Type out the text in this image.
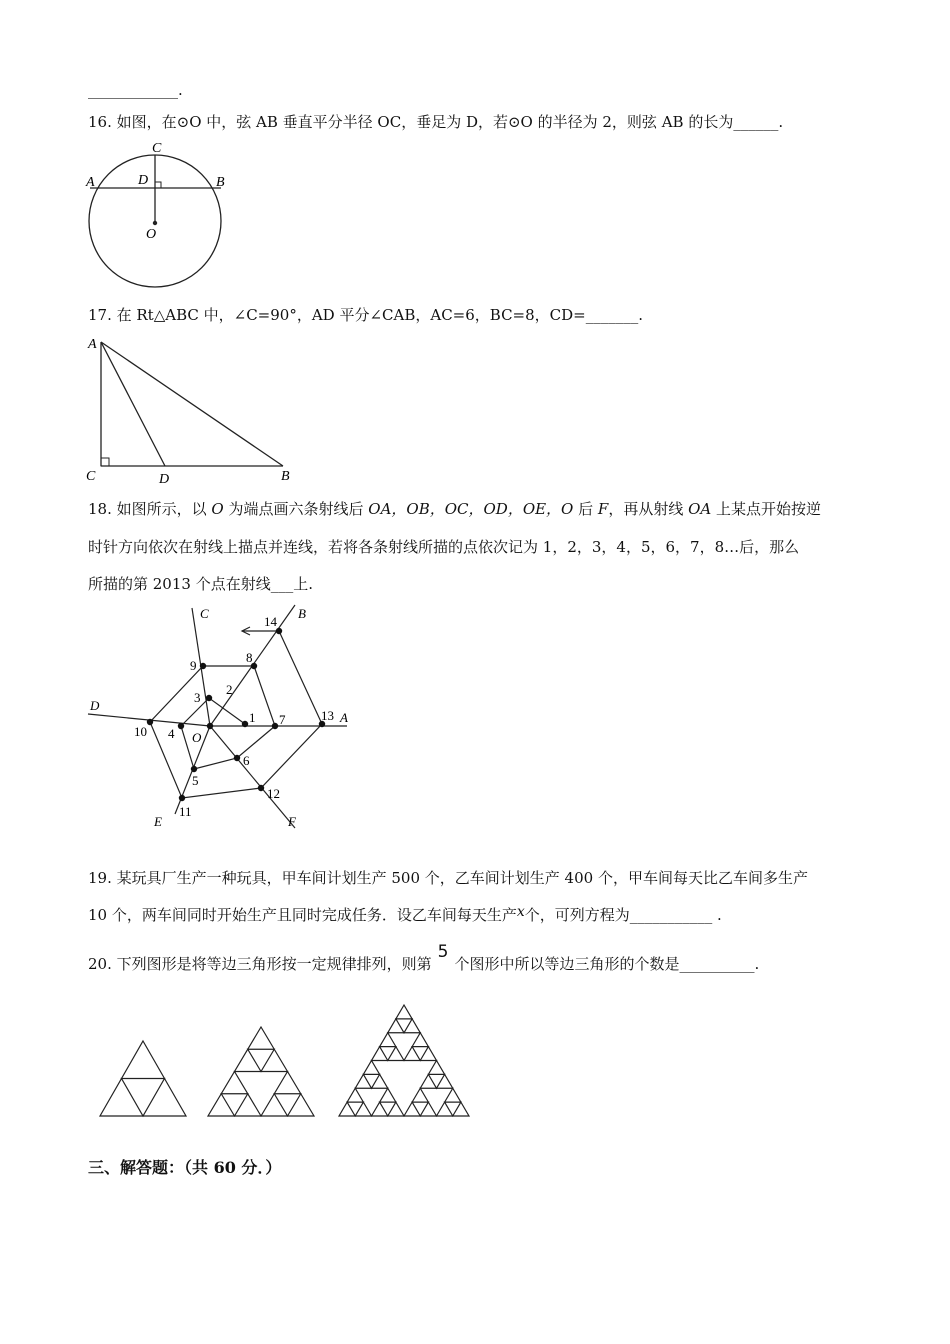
____________.
16. 如图，在⊙O 中，弦 AB 垂直平分半径 OC，垂足为 D，若⊙O 的半径为 2，则弦 AB 的长为______.
C
D
A	B
O
17. 在 Rt△ABC 中，∠C=90°，AD 平分∠CAB，AC=6，BC=8，CD=_______.
A
C	D	B
18. 如图所示，以 O 为端点画六条射线后 OA，OB，OC，OD，OE，O 后 F，再从射线 OA 上某点开始按逆
时针方向依次在射线上描点并连线，若将各条射线所描的点依次记为 1，2，3，4，5，6，7，8…后，那么
所描的第 2013 个点在射线___上.
C	B
D
A
E	F
O
1
2
3
4
5
6
7
8
9
10
11
12
13
14
19. 某玩具厂生产一种玩具，甲车间计划生产 500 个，乙车间计划生产 400 个，甲车间每天比乙车间多生产
10 个，两车间同时开始生产且同时完成任务．设乙车间每天生产x个，可列方程为___________ .
20. 下列图形是将等边三角形按一定规律排列，则第5个图形中所以等边三角形的个数是__________.
三、解答题：（共 60 分．）
